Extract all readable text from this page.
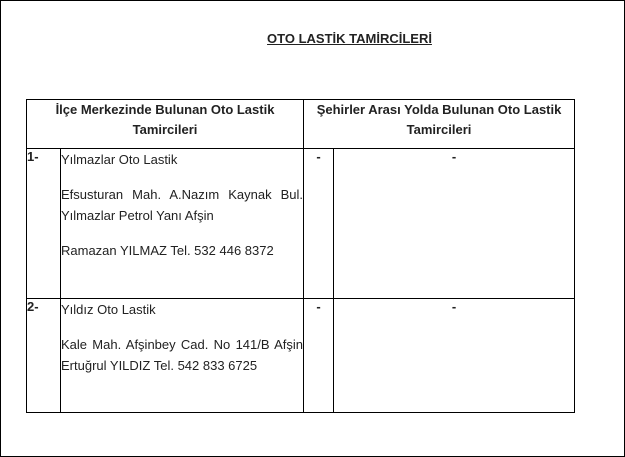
OTO LASTİK TAMİRCİLERİ
İlçe Merkezinde Bulunan Oto Lastik Tamircileri		Şehirler Arası Yolda Bulunan Oto Lastik Tamircileri	
1-	Yılmazlar Oto Lastik

Efsusturan Mah. A.Nazım Kaynak Bul. Yılmazlar Petrol Yanı Afşin

Ramazan YILMAZ Tel. 532 446 8372	-	-
2-	Yıldız Oto Lastik

Kale Mah. Afşinbey Cad. No 141/B Afşin Ertuğrul YILDIZ Tel. 542 833 6725	-	-
